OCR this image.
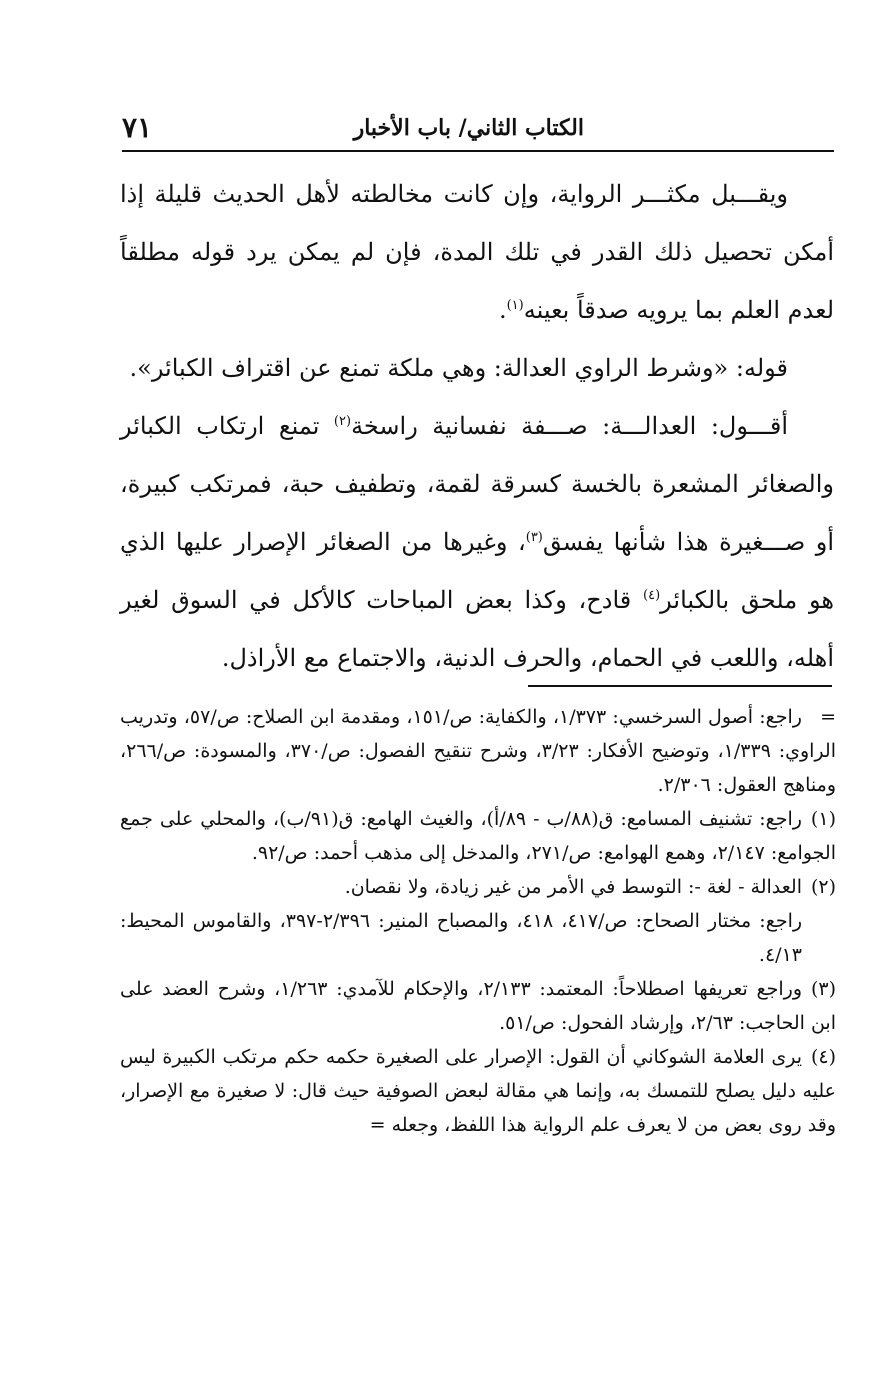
٧١	الكتاب الثاني/ باب الأخبار

ويقـــبل مكثـــر الرواية، وإن كانت مخالطته لأهل الحديث قليلة إذا أمكن تحصيل ذلك القدر في تلك المدة، فإن لم يمكن يرد قوله مطلقاً لعدم العلم بما يرويه صدقاً بعينه$^{(١)}$.

قوله: «وشرط الراوي العدالة: وهي ملكة تمنع عن اقتراف الكبائر».

أقـــول: العدالـــة: صـــفة نفسانية راسخة$^{(٢)}$ تمنع ارتكاب الكبائر والصغائر المشعرة بالخسة كسرقة لقمة، وتطفيف حبة، فمرتكب كبيرة، أو صـــغيرة هذا شأنها يفسق$^{(٣)}$، وغيرها من الصغائر الإصرار عليها الذي هو ملحق بالكبائر$^{(٤)}$ قادح، وكذا بعض المباحات كالأكل في السوق لغير أهله، واللعب في الحمام، والحرف الدنية، والاجتماع مع الأراذل.

=راجع: أصول السرخسي: ١/٣٧٣، والكفاية: ص/١٥١، ومقدمة ابن الصلاح: ص/٥٧، وتدريب الراوي: ١/٣٣٩، وتوضيح الأفكار: ٣/٢٣، وشرح تنقيح الفصول: ص/٣٧٠، والمسودة: ص/٢٦٦، ومناهج العقول: ٢/٣٠٦.

(١)راجع: تشنيف المسامع: ق(٨٨/ب - ٨٩/أ)، والغيث الهامع: ق(٩١/ب)، والمحلي على جمع الجوامع: ٢/١٤٧، وهمع الهوامع: ص/٢٧١، والمدخل إلى مذهب أحمد: ص/٩٢.

(٢)العدالة - لغة -: التوسط في الأمر من غير زيادة، ولا نقصان.

راجع: مختار الصحاح: ص/٤١٧، ٤١٨، والمصباح المنير: ٢/٣٩٦-٣٩٧، والقاموس المحيط: ٤/١٣.

(٣)وراجع تعريفها اصطلاحاً: المعتمد: ٢/١٣٣، والإحكام للآمدي: ١/٢٦٣، وشرح العضد على ابن الحاجب: ٢/٦٣، وإرشاد الفحول: ص/٥١.

(٤)يرى العلامة الشوكاني أن القول: الإصرار على الصغيرة حكمه حكم مرتكب الكبيرة ليس عليه دليل يصلح للتمسك به، وإنما هي مقالة لبعض الصوفية حيث قال: لا صغيرة مع الإصرار، وقد روى بعض من لا يعرف علم الرواية هذا اللفظ، وجعله =
